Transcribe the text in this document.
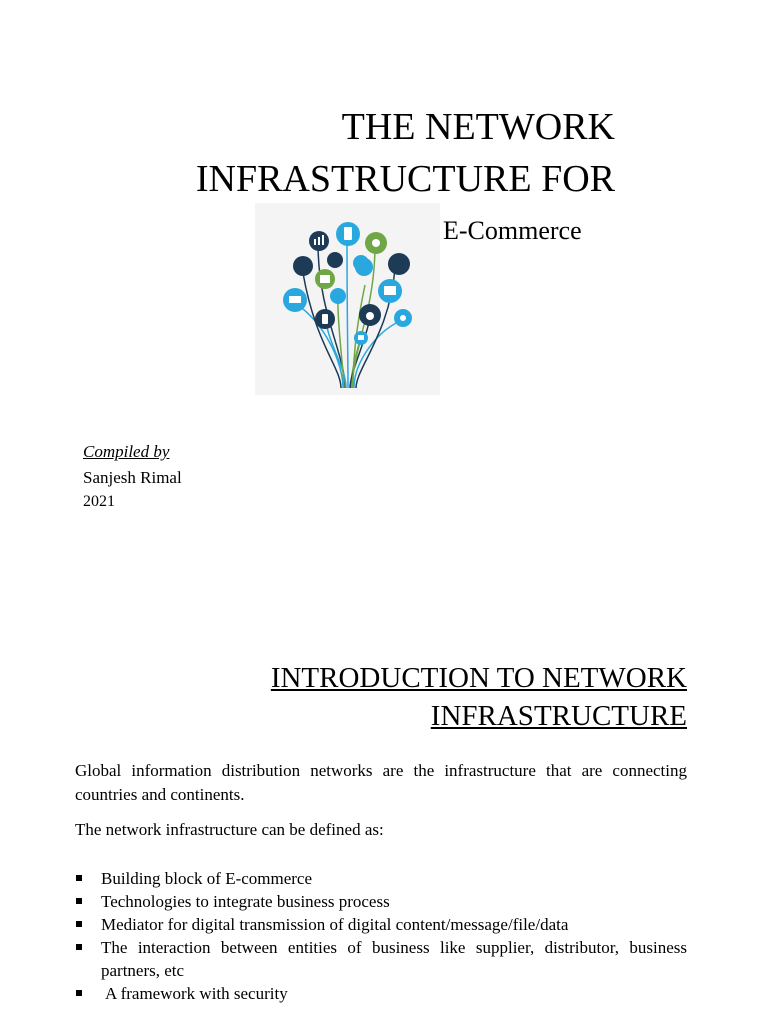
THE NETWORK
INFRASTRUCTURE FOR
E-Commerce
Compiled by
Sanjesh Rimal
2021
INTRODUCTION TO NETWORK
INFRASTRUCTURE
Global information distribution networks are the infrastructure that are connecting countries and continents.
The network infrastructure can be defined as:
Building block of E-commerce
Technologies to integrate business process
Mediator for digital transmission of digital content/message/file/data
The interaction between entities of business like supplier, distributor, business partners, etc
A framework with security
